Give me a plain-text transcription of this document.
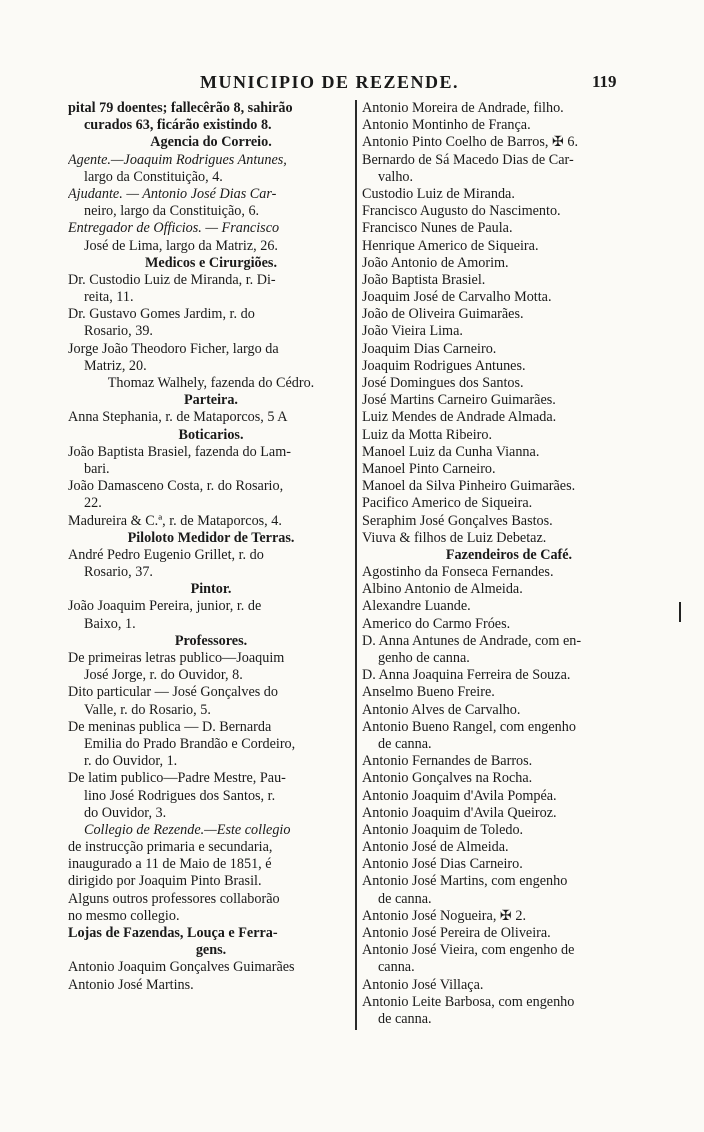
MUNICIPIO DE REZENDE.	119
pital 79 doentes; fallecêrão 8, sahirão
curados 63, ficárão existindo 8.
Agencia do Correio.
Agente.—Joaquim Rodrigues Antunes,
largo da Constituição, 4.
Ajudante. — Antonio José Dias Car-
neiro, largo da Constituição, 6.
Entregador de Officios. — Francisco
José de Lima, largo da Matriz, 26.
Medicos e Cirurgiões.
Dr. Custodio Luiz de Miranda, r. Di-
reita, 11.
Dr. Gustavo Gomes Jardim, r. do
Rosario, 39.
Jorge João Theodoro Ficher, largo da
Matriz, 20.
Thomaz Walhely, fazenda do Cédro.
Parteira.
Anna Stephania, r. de Mataporcos, 5 A
Boticarios.
João Baptista Brasiel, fazenda do Lam-
bari.
João Damasceno Costa, r. do Rosario,
22.
Madureira & C.ª, r. de Mataporcos, 4.
Piloloto Medidor de Terras.
André Pedro Eugenio Grillet, r. do
Rosario, 37.
Pintor.
João Joaquim Pereira, junior, r. de
Baixo, 1.
Professores.
De primeiras letras publico—Joaquim
José Jorge, r. do Ouvidor, 8.
Dito particular — José Gonçalves do
Valle, r. do Rosario, 5.
De meninas publica — D. Bernarda
Emilia do Prado Brandão e Cordeiro,
r. do Ouvidor, 1.
De latim publico—Padre Mestre, Pau-
lino José Rodrigues dos Santos, r.
do Ouvidor, 3.
Collegio de Rezende.—Este collegio
de instrucção primaria e secundaria,
inaugurado a 11 de Maio de 1851, é
dirigido por Joaquim Pinto Brasil.
Alguns outros professores collaborão
no mesmo collegio.
Lojas de Fazendas, Louça e Ferra-
gens.
Antonio Joaquim Gonçalves Guimarães
Antonio José Martins.
Antonio Moreira de Andrade, filho.
Antonio Montinho de França.
Antonio Pinto Coelho de Barros, ✠ 6.
Bernardo de Sá Macedo Dias de Car-
valho.
Custodio Luiz de Miranda.
Francisco Augusto do Nascimento.
Francisco Nunes de Paula.
Henrique Americo de Siqueira.
João Antonio de Amorim.
João Baptista Brasiel.
Joaquim José de Carvalho Motta.
João de Oliveira Guimarães.
João Vieira Lima.
Joaquim Dias Carneiro.
Joaquim Rodrigues Antunes.
José Domingues dos Santos.
José Martins Carneiro Guimarães.
Luiz Mendes de Andrade Almada.
Luiz da Motta Ribeiro.
Manoel Luiz da Cunha Vianna.
Manoel Pinto Carneiro.
Manoel da Silva Pinheiro Guimarães.
Pacifico Americo de Siqueira.
Seraphim José Gonçalves Bastos.
Viuva & filhos de Luiz Debetaz.
Fazendeiros de Café.
Agostinho da Fonseca Fernandes.
Albino Antonio de Almeida.
Alexandre Luande.
Americo do Carmo Fróes.
D. Anna Antunes de Andrade, com en-
genho de canna.
D. Anna Joaquina Ferreira de Souza.
Anselmo Bueno Freire.
Antonio Alves de Carvalho.
Antonio Bueno Rangel, com engenho
de canna.
Antonio Fernandes de Barros.
Antonio Gonçalves na Rocha.
Antonio Joaquim d'Avila Pompéa.
Antonio Joaquim d'Avila Queiroz.
Antonio Joaquim de Toledo.
Antonio José de Almeida.
Antonio José Dias Carneiro.
Antonio José Martins, com engenho
de canna.
Antonio José Nogueira, ✠ 2.
Antonio José Pereira de Oliveira.
Antonio José Vieira, com engenho de
canna.
Antonio José Villaça.
Antonio Leite Barbosa, com engenho
de canna.
